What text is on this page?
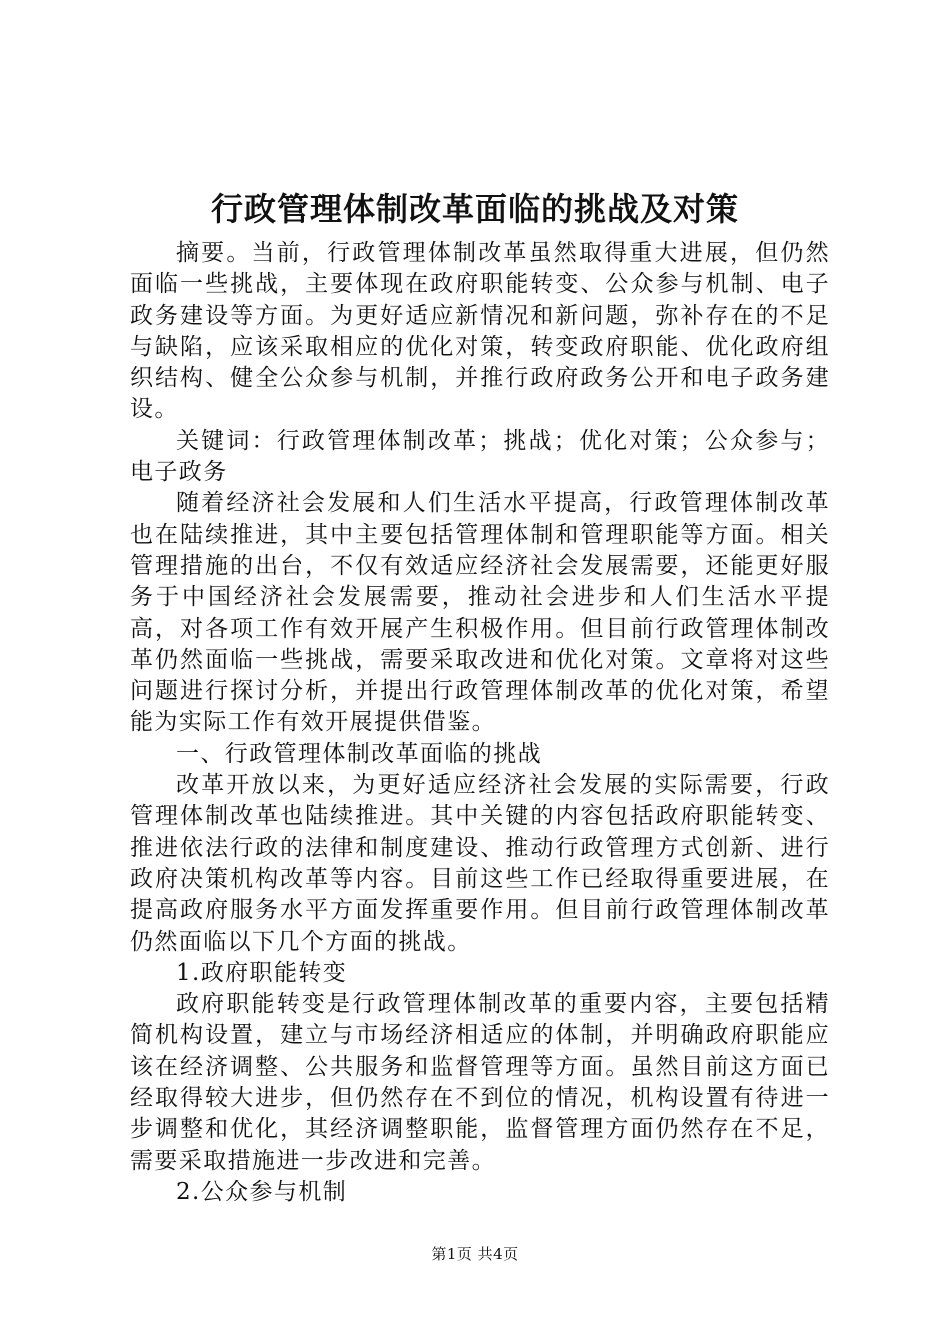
行政管理体制改革面临的挑战及对策

摘要。当前，行政管理体制改革虽然取得重大进展，但仍然面临一些挑战，主要体现在政府职能转变、公众参与机制、电子政务建设等方面。为更好适应新情况和新问题，弥补存在的不足与缺陷，应该采取相应的优化对策，转变政府职能、优化政府组织结构、健全公众参与机制，并推行政府政务公开和电子政务建设。

关键词：行政管理体制改革；挑战；优化对策；公众参与；电子政务

随着经济社会发展和人们生活水平提高，行政管理体制改革也在陆续推进，其中主要包括管理体制和管理职能等方面。相关管理措施的出台，不仅有效适应经济社会发展需要，还能更好服务于中国经济社会发展需要，推动社会进步和人们生活水平提高，对各项工作有效开展产生积极作用。但目前行政管理体制改革仍然面临一些挑战，需要采取改进和优化对策。文章将对这些问题进行探讨分析，并提出行政管理体制改革的优化对策，希望能为实际工作有效开展提供借鉴。

一、行政管理体制改革面临的挑战

改革开放以来，为更好适应经济社会发展的实际需要，行政管理体制改革也陆续推进。其中关键的内容包括政府职能转变、推进依法行政的法律和制度建设、推动行政管理方式创新、进行政府决策机构改革等内容。目前这些工作已经取得重要进展，在提高政府服务水平方面发挥重要作用。但目前行政管理体制改革仍然面临以下几个方面的挑战。

1.政府职能转变

政府职能转变是行政管理体制改革的重要内容，主要包括精简机构设置，建立与市场经济相适应的体制，并明确政府职能应该在经济调整、公共服务和监督管理等方面。虽然目前这方面已经取得较大进步，但仍然存在不到位的情况，机构设置有待进一步调整和优化，其经济调整职能，监督管理方面仍然存在不足，需要采取措施进一步改进和完善。

2.公众参与机制

第1页 共4页
